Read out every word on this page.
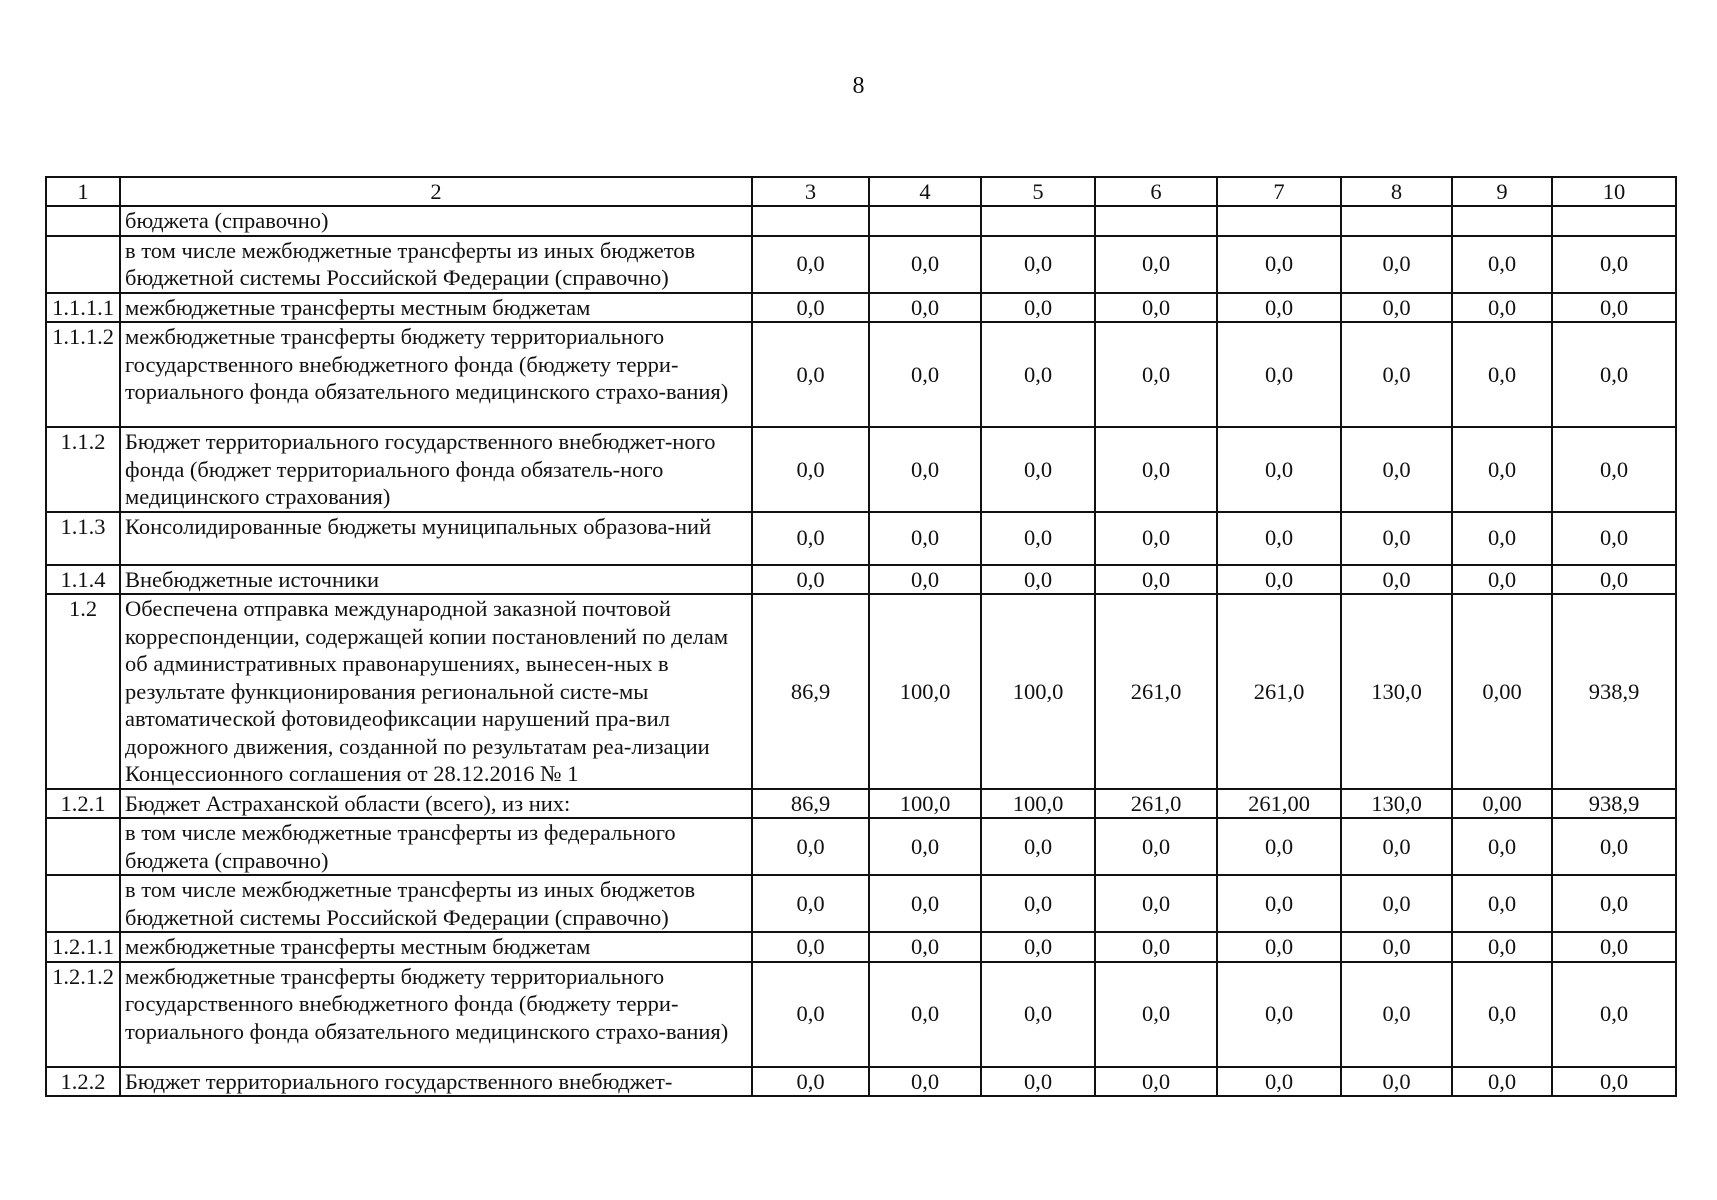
8
1	2	3	4	5	6	7	8	9	10
	бюджета (справочно)								
	в том числе межбюджетные трансферты из иных бюджетов бюджетной системы Российской Федерации (справочно)	0,0	0,0	0,0	0,0	0,0	0,0	0,0	0,0
1.1.1.1	межбюджетные трансферты местным бюджетам	0,0	0,0	0,0	0,0	0,0	0,0	0,0	0,0
1.1.1.2	межбюджетные трансферты бюджету территориального государственного внебюджетного фонда (бюджету терри-ториального фонда обязательного медицинского страхо-вания)	0,0	0,0	0,0	0,0	0,0	0,0	0,0	0,0
1.1.2	Бюджет территориального государственного внебюджет-ного фонда (бюджет территориального фонда обязатель-ного медицинского страхования)	0,0	0,0	0,0	0,0	0,0	0,0	0,0	0,0
1.1.3	Консолидированные бюджеты муниципальных образова-ний	0,0	0,0	0,0	0,0	0,0	0,0	0,0	0,0
1.1.4	Внебюджетные источники	0,0	0,0	0,0	0,0	0,0	0,0	0,0	0,0
1.2	Обеспечена отправка международной заказной почтовой корреспонденции, содержащей копии постановлений по делам об административных правонарушениях, вынесен-ных в результате функционирования региональной систе-мы автоматической фотовидеофиксации нарушений пра-вил дорожного движения, созданной по результатам реа-лизации Концессионного соглашения от 28.12.2016 № 1	86,9	100,0	100,0	261,0	261,0	130,0	0,00	938,9
1.2.1	Бюджет Астраханской области (всего), из них:	86,9	100,0	100,0	261,0	261,00	130,0	0,00	938,9
	в том числе межбюджетные трансферты из федерального бюджета (справочно)	0,0	0,0	0,0	0,0	0,0	0,0	0,0	0,0
	в том числе межбюджетные трансферты из иных бюджетов бюджетной системы Российской Федерации (справочно)	0,0	0,0	0,0	0,0	0,0	0,0	0,0	0,0
1.2.1.1	межбюджетные трансферты местным бюджетам	0,0	0,0	0,0	0,0	0,0	0,0	0,0	0,0
1.2.1.2	межбюджетные трансферты бюджету территориального государственного внебюджетного фонда (бюджету терри-ториального фонда обязательного медицинского страхо-вания)	0,0	0,0	0,0	0,0	0,0	0,0	0,0	0,0
1.2.2	Бюджет территориального государственного внебюджет-	0,0	0,0	0,0	0,0	0,0	0,0	0,0	0,0
